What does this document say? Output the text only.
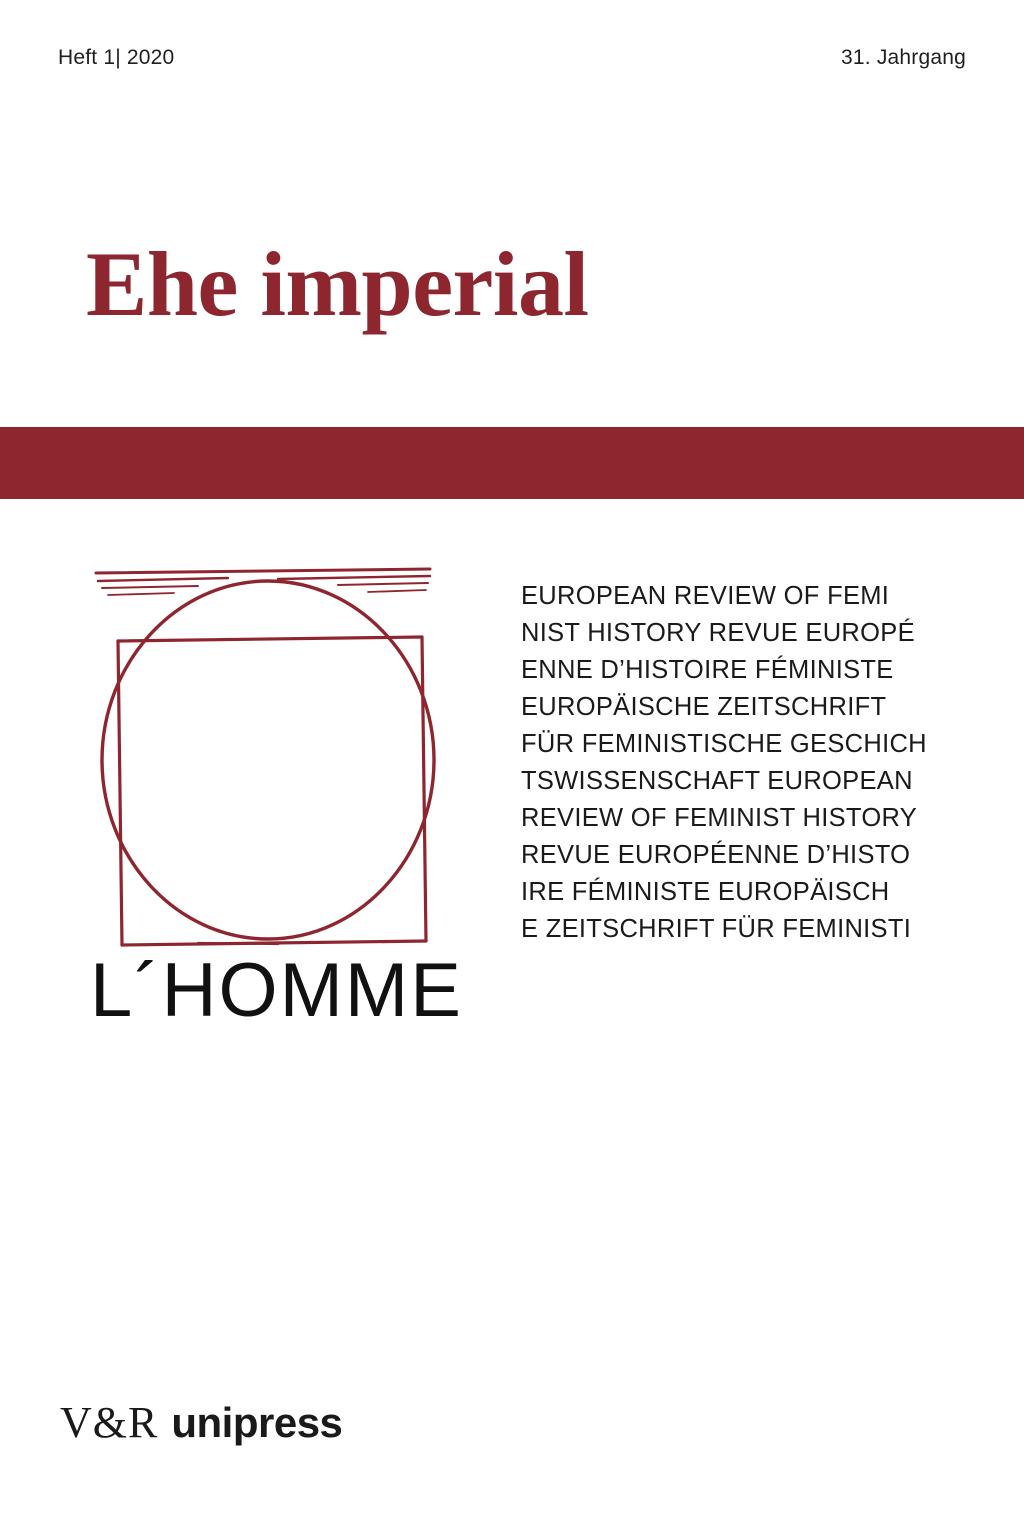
Heft 1| 2020	31. Jahrgang
Ehe imperial
L´HOMME
EUROPEAN REVIEW OF FEMI
NIST HISTORY REVUE EUROPÉ
ENNE D’HISTOIRE FÉMINISTE
EUROPÄISCHE ZEITSCHRIFT
FÜR FEMINISTISCHE GESCHICH
TSWISSENSCHAFT EUROPEAN
REVIEW OF FEMINIST HISTORY
REVUE EUROPÉENNE D’HISTO
IRE FÉMINISTE EUROPÄISCH
E ZEITSCHRIFT FÜR FEMINISTI
V&R unipress
